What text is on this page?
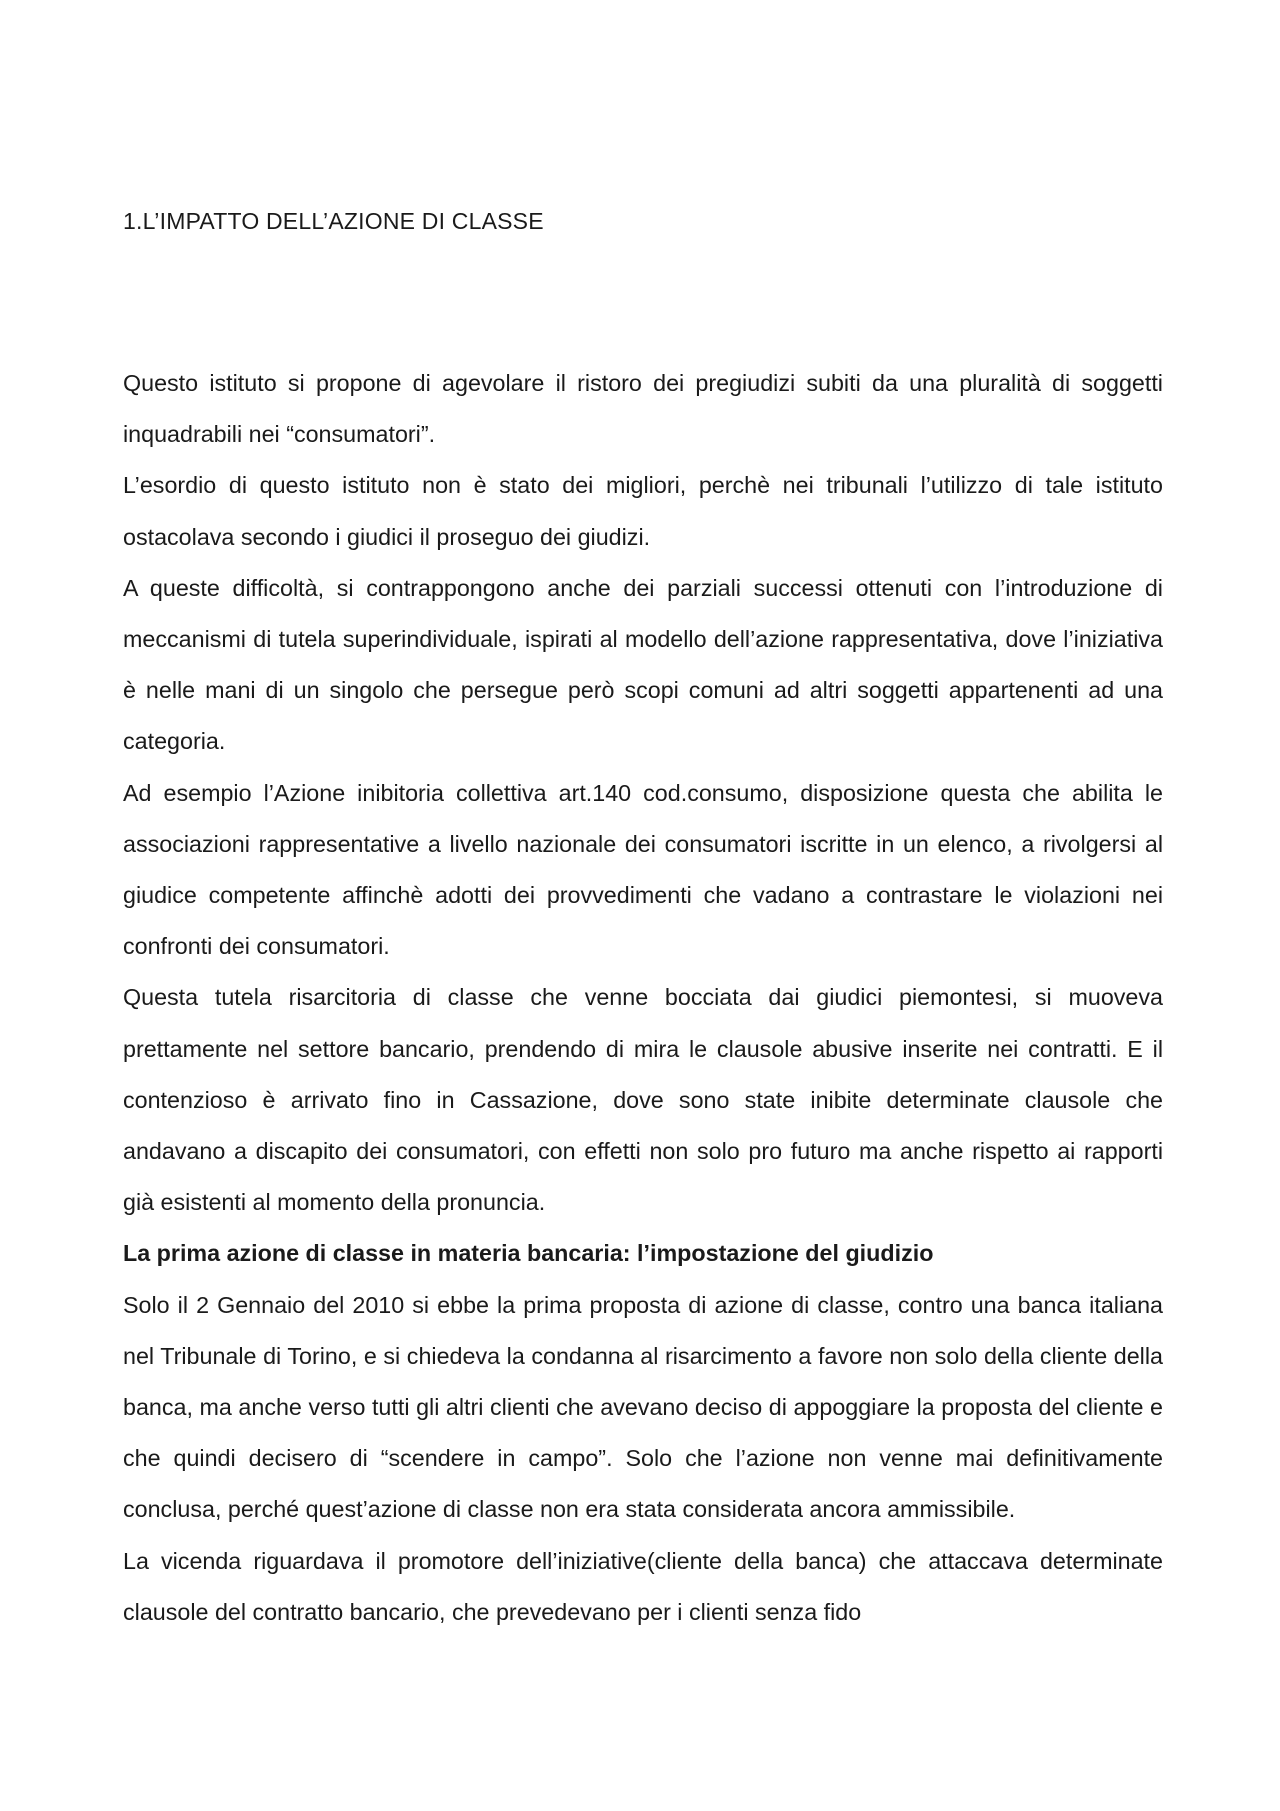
1.L’IMPATTO DELL’AZIONE DI CLASSE

Questo istituto si propone di agevolare il ristoro dei pregiudizi subiti da una pluralità di soggetti inquadrabili nei “consumatori”.

L’esordio di questo istituto non è stato dei migliori, perchè nei tribunali l’utilizzo di tale istituto ostacolava secondo i giudici il proseguo dei giudizi.

A queste difficoltà, si contrappongono anche dei parziali successi ottenuti con l’introduzione di meccanismi di tutela superindividuale, ispirati al modello dell’azione rappresentativa, dove l’iniziativa è nelle mani di un singolo che persegue però scopi comuni ad altri soggetti appartenenti ad una categoria.

Ad esempio l’Azione inibitoria collettiva art.140 cod.consumo, disposizione questa che abilita le associazioni rappresentative a livello nazionale dei consumatori iscritte in un elenco, a rivolgersi al giudice competente affinchè adotti dei provvedimenti che vadano a contrastare le violazioni nei confronti dei consumatori.

Questa tutela risarcitoria di classe che venne bocciata dai giudici piemontesi, si muoveva prettamente nel settore bancario, prendendo di mira le clausole abusive inserite nei contratti. E il contenzioso è arrivato fino in Cassazione, dove sono state inibite determinate clausole che andavano a discapito dei consumatori, con effetti non solo pro futuro ma anche rispetto ai rapporti già esistenti al momento della pronuncia.

La prima azione di classe in materia bancaria: l’impostazione del giudizio

Solo il 2 Gennaio del 2010 si ebbe la prima proposta di azione di classe, contro una banca italiana nel Tribunale di Torino, e si chiedeva la condanna al risarcimento a favore non solo della cliente della banca, ma anche verso tutti gli altri clienti che avevano deciso di appoggiare la proposta del cliente e che quindi decisero di “scendere in campo”. Solo che l’azione non venne mai definitivamente conclusa, perché quest’azione di classe non era stata considerata ancora ammissibile.

La vicenda riguardava il promotore dell’iniziative(cliente della banca) che attaccava determinate clausole del contratto bancario, che prevedevano per i clienti senza fido
